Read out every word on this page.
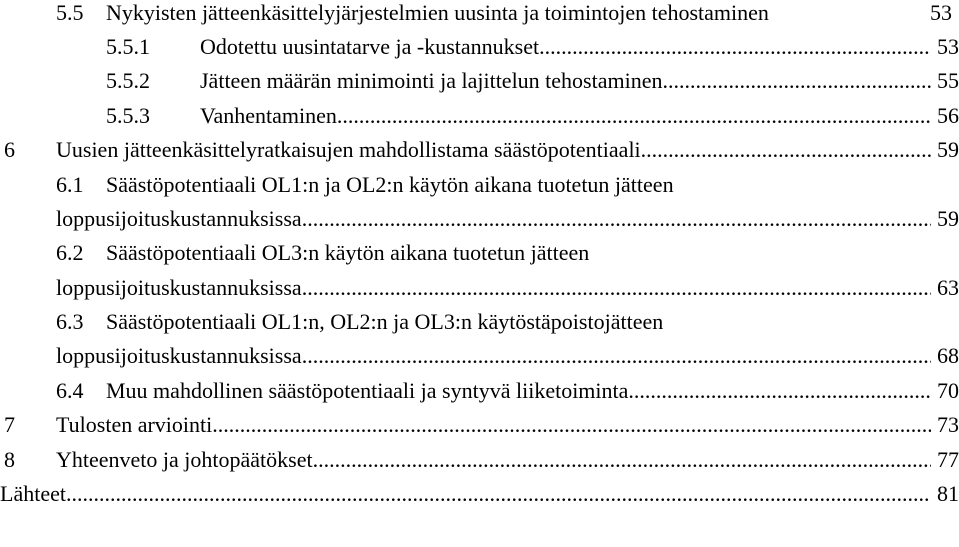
5.5 Nykyisten jätteenkäsittelyjärjestelmien uusinta ja toimintojen tehostaminen	53
5.5.1 Odotettu uusintatarve ja -kustannukset .....	53
5.5.2 Jätteen määrän minimointi ja lajittelun tehostaminen .....	55
5.5.3 Vanhentaminen .....	56
6 Uusien jätteenkäsittelyratkaisujen mahdollistama säästöpotentiaali .....	59
6.1 Säästöpotentiaali OL1:n ja OL2:n käytön aikana tuotetun jätteen
loppusijoituskustannuksissa .....	59
6.2 Säästöpotentiaali OL3:n käytön aikana tuotetun jätteen
loppusijoituskustannuksissa .....	63
6.3 Säästöpotentiaali OL1:n, OL2:n ja OL3:n käytöstäpoistojätteen
loppusijoituskustannuksissa .....	68
6.4 Muu mahdollinen säästöpotentiaali ja syntyvä liiketoiminta .....	70
7 Tulosten arviointi .....	73
8 Yhteenveto ja johtopäätökset .....	77
Lähteet .....	81
